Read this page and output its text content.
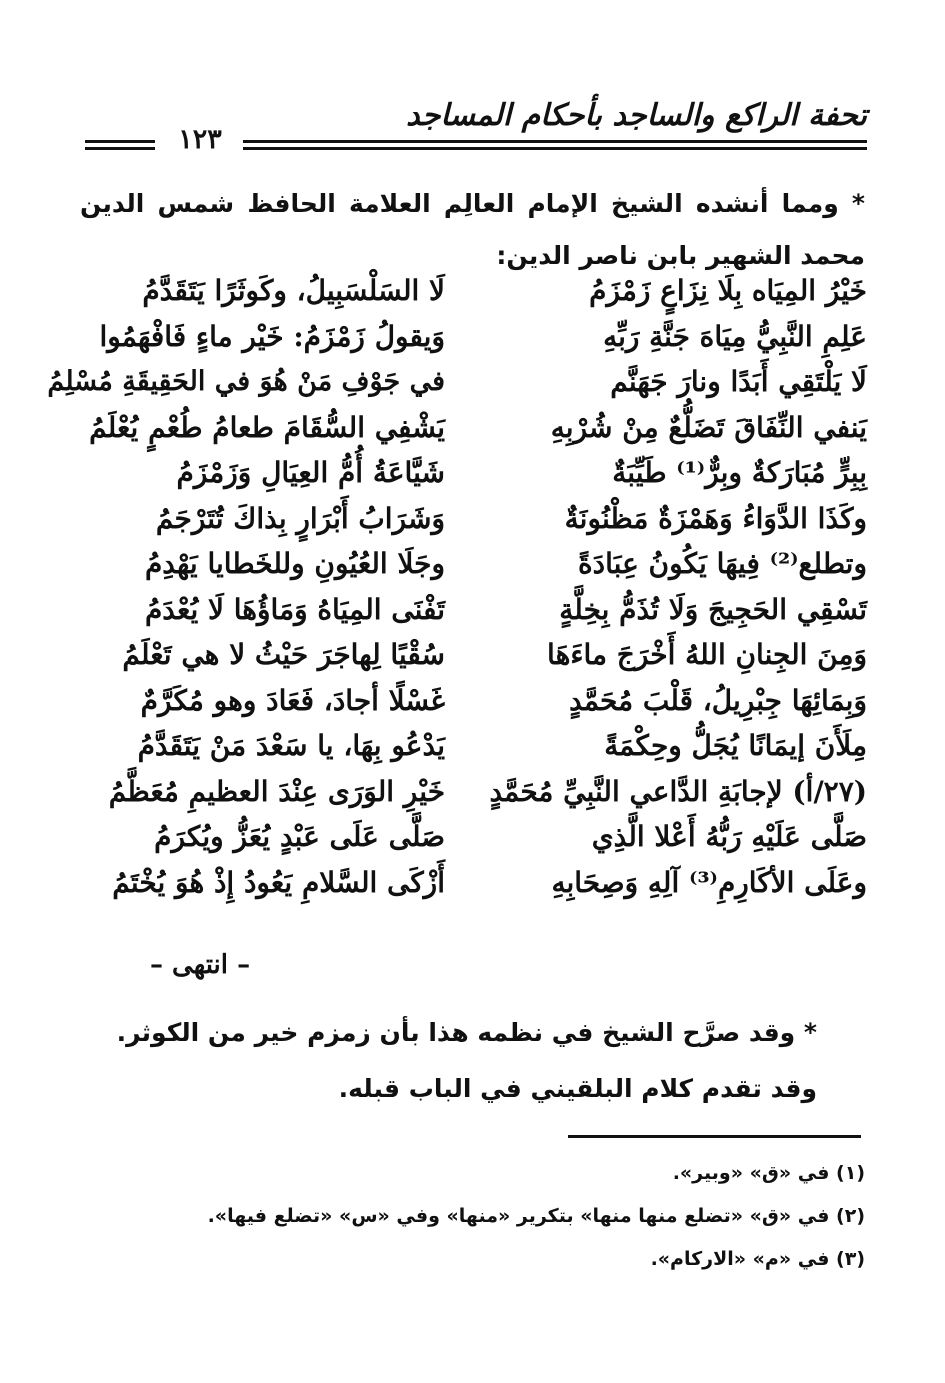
تحفة الراكع والساجد بأحكام المساجد
١٢٣
* ومما أنشده الشيخ الإمام العالِم العلامة الحافظ شمس الدين محمد الشهير بابن ناصر الدين:
خَيْرُ المِيَاه بِلَا نِزَاعٍ زَمْزَمُ
لَا السَلْسَبِيلُ، وكَوثَرًا يَتَقَدَّمُ
عَلِمِ النَّبِيُّ مِيَاهَ جَنَّةِ رَبِّهِ
وَيقولُ زَمْزَمُ: خَيْر ماءٍ فَافْهَمُوا
لَا يَلْتَقِي أَبَدًا ونارَ جَهَنَّم
في جَوْفِ مَنْ هُوَ في الحَقِيقَةِ مُسْلِمُ
يَنفي النِّفَاقَ تَضَلُّعٌ مِنْ شُرْبِهِ
يَشْفِي السُّقَامَ طعامُ طُعْمٍ يُعْلَمُ
بِبِرٍّ مُبَارَكةٌ وبِرٌّ⁽¹⁾ طَيِّبَةٌ
شَيَّاعَةُ أُمُّ العِيَالِ وَزَمْزَمُ
وكَذَا الدَّوَاءُ وَهَمْزَةٌ مَظْنُونَةٌ
وَشَرَابُ أَبْرَارٍ بِذاكَ تُتَرْجَمُ
وتطلع⁽²⁾ فِيهَا يَكُونُ عِبَادَةً
وجَلَا العُيُونِ وللخَطايا يَهْدِمُ
تَسْقِي الحَجِيجَ وَلَا تُذَمُّ بِخِلَّةٍ
تَفْنَى المِيَاهُ وَمَاؤُهَا لَا يُعْدَمُ
وَمِنَ الجِنانِ اللهُ أَخْرَجَ ماءَهَا
سُقْيًا لِهاجَرَ حَيْثُ لا هي تَعْلَمُ
وَبِمَائِهَا جِبْرِيلُ، قَلْبَ مُحَمَّدٍ
غَسْلًا أجادَ، فَعَادَ وهو مُكَرَّمٌ
مِلَأَنَ إيمَانًا يُجَلُّ وحِكْمَةً
يَدْعُو بِهَا، يا سَعْدَ مَنْ يَتَقَدَّمُ
(٢٧/أ) لإجابَةِ الدَّاعي النَّبِيِّ مُحَمَّدٍ
خَيْرِ الوَرَى عِنْدَ العظيمِ مُعَظَّمُ
صَلَّى عَلَيْهِ رَبُّهُ أَعْلا الَّذِي
صَلَّى عَلَى عَبْدٍ يُعَزُّ ويُكرَمُ
وعَلَى الأكَارِمِ⁽³⁾ آلِهِ وَصِحَابِهِ
أَزْكَى السَّلامِ يَعُودُ إِذْ هُوَ يُخْتَمُ
– انتهى –

* وقد صرَّح الشيخ في نظمه هذا بأن زمزم خير من الكوثر.

وقد تقدم كلام البلقيني في الباب قبله.

(١) في «ق» «وبير».

(٢) في «ق» «تضلع منها منها» بتكرير «منها» وفي «س» «تضلع فيها».

(٣) في «م» «الاركام».
